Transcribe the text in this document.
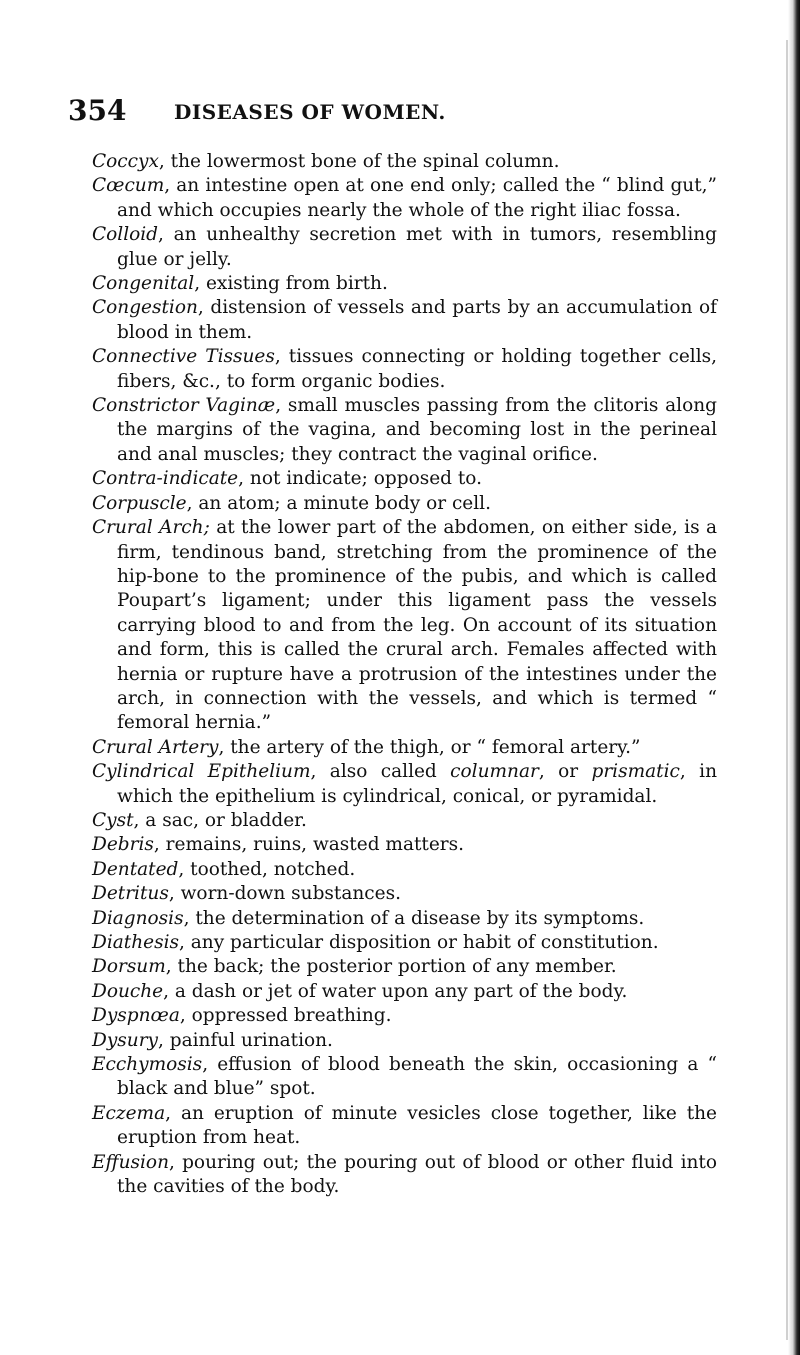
354 DISEASES OF WOMEN.

Coccyx, the lowermost bone of the spinal column.

Cœcum, an intestine open at one end only; called the “ blind gut,” and which occupies nearly the whole of the right iliac fossa.

Colloid, an unhealthy secretion met with in tumors, resembling glue or jelly.

Congenital, existing from birth.

Congestion, distension of vessels and parts by an accumulation of blood in them.

Connective Tissues, tissues connecting or holding together cells, fibers, &c., to form organic bodies.

Constrictor Vaginæ, small muscles passing from the clitoris along the margins of the vagina, and becoming lost in the perineal and anal muscles; they contract the vaginal orifice.

Contra-indicate, not indicate; opposed to.

Corpuscle, an atom; a minute body or cell.

Crural Arch; at the lower part of the abdomen, on either side, is a firm, tendinous band, stretching from the prominence of the hip-bone to the prominence of the pubis, and which is called Poupart’s ligament; under this ligament pass the vessels carrying blood to and from the leg. On account of its situation and form, this is called the crural arch. Females affected with hernia or rupture have a protrusion of the intestines under the arch, in connection with the vessels, and which is termed “ femoral hernia.”

Crural Artery, the artery of the thigh, or “ femoral artery.”

Cylindrical Epithelium, also called columnar, or prismatic, in which the epithelium is cylindrical, conical, or pyramidal.

Cyst, a sac, or bladder.

Debris, remains, ruins, wasted matters.

Dentated, toothed, notched.

Detritus, worn-down substances.

Diagnosis, the determination of a disease by its symptoms.

Diathesis, any particular disposition or habit of constitution.

Dorsum, the back; the posterior portion of any member.

Douche, a dash or jet of water upon any part of the body.

Dyspnœa, oppressed breathing.

Dysury, painful urination.

Ecchymosis, effusion of blood beneath the skin, occasioning a “ black and blue” spot.

Eczema, an eruption of minute vesicles close together, like the eruption from heat.

Effusion, pouring out; the pouring out of blood or other fluid into the cavities of the body.
